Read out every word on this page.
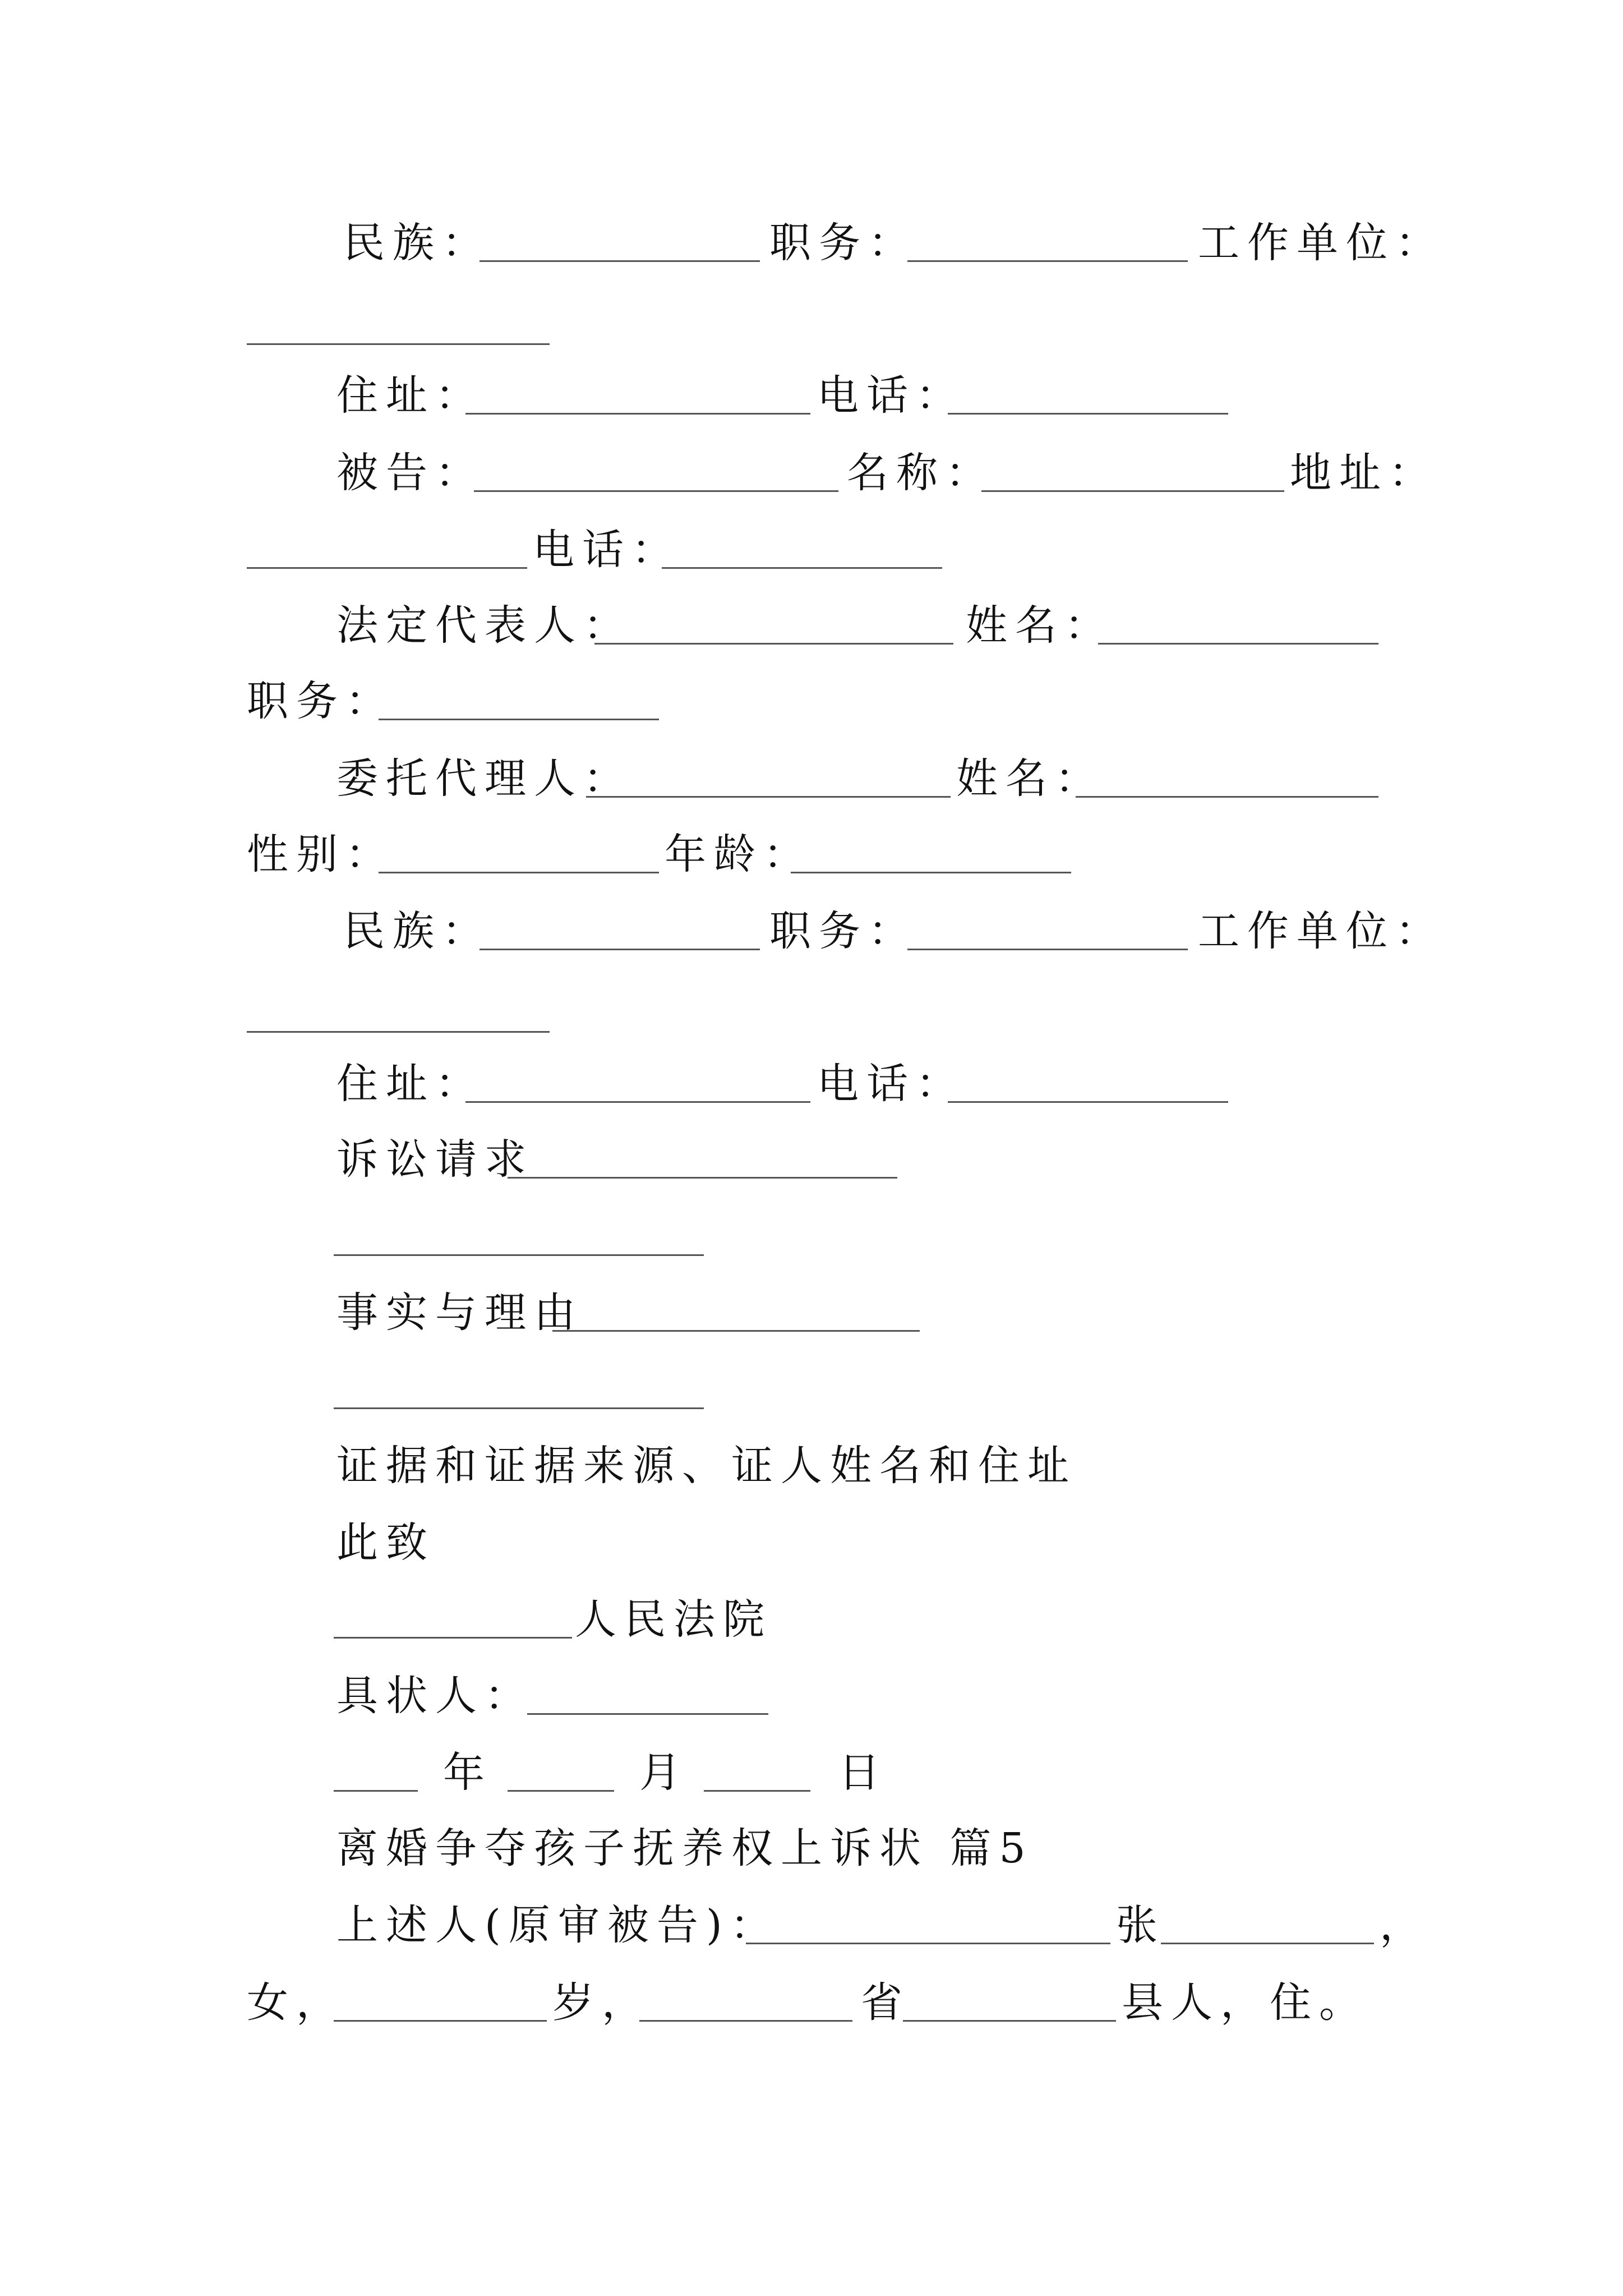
民族：	职务：	工作单位：
住址：	电话：
被告：	名称：	地址：
电话：
法定代表人：	姓名：
职务：
委托代理人：	姓名：
性别：	年龄：
民族：	职务：	工作单位：
住址：	电话：
诉讼请求
事实与理由
证据和证据来源、证人姓名和住址
此致
人民法院
具状人：
年	月	日
离婚争夺孩子抚养权上诉状 篇5
上述人(原审被告)：	张	，
女，	岁，	省	县人，住。
